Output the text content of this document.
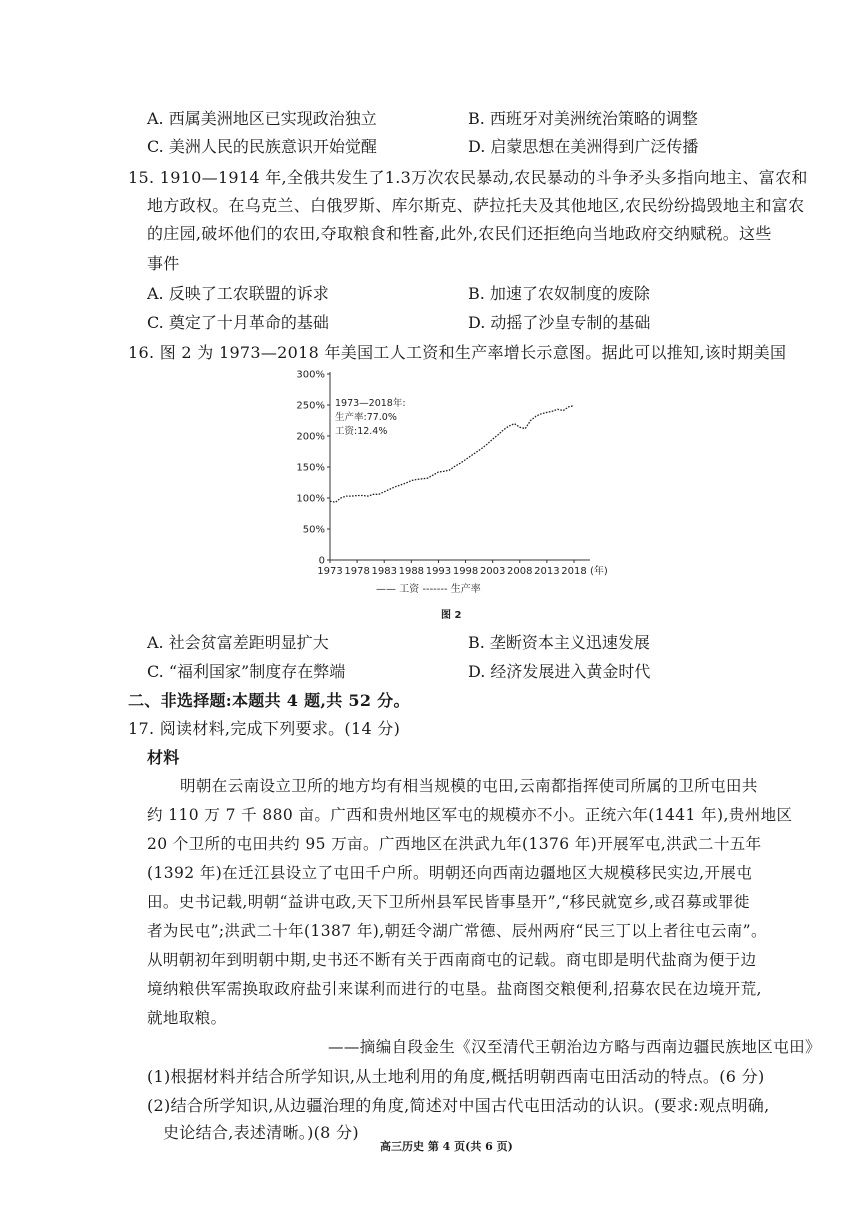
A. 西属美洲地区已实现政治独立	B. 西班牙对美洲统治策略的调整
C. 美洲人民的民族意识开始觉醒	D. 启蒙思想在美洲得到广泛传播
15. 1910—1914 年,全俄共发生了1.3万次农民暴动,农民暴动的斗争矛头多指向地主、富农和
地方政权。在乌克兰、白俄罗斯、库尔斯克、萨拉托夫及其他地区,农民纷纷捣毁地主和富农
的庄园,破坏他们的农田,夺取粮食和牲畜,此外,农民们还拒绝向当地政府交纳赋税。这些
事件
A. 反映了工农联盟的诉求	B. 加速了农奴制度的废除
C. 奠定了十月革命的基础	D. 动摇了沙皇专制的基础
16. 图 2 为 1973—2018 年美国工人工资和生产率增长示意图。据此可以推知,该时期美国
0
50%
100%
150%
200%
250%
300%
1973 1978 1983 1988 1993 1998 2003 2008 2013 2018 (年)
1973—2018年:
生产率:77.0%
工资:12.4%
—— 工资 ------- 生产率
图 2
A. 社会贫富差距明显扩大	B. 垄断资本主义迅速发展
C. “福利国家”制度存在弊端	D. 经济发展进入黄金时代
二、非选择题:本题共 4 题,共 52 分。
17. 阅读材料,完成下列要求。(14 分)
材料
明朝在云南设立卫所的地方均有相当规模的屯田,云南都指挥使司所属的卫所屯田共
约 110 万 7 千 880 亩。广西和贵州地区军屯的规模亦不小。正统六年(1441 年),贵州地区
20 个卫所的屯田共约 95 万亩。广西地区在洪武九年(1376 年)开展军屯,洪武二十五年
(1392 年)在迁江县设立了屯田千户所。明朝还向西南边疆地区大规模移民实边,开展屯
田。史书记载,明朝“益讲屯政,天下卫所州县军民皆事垦开”,“移民就宽乡,或召募或罪徙
者为民屯”;洪武二十年(1387 年),朝廷令湖广常德、辰州两府“民三丁以上者往屯云南”。
从明朝初年到明朝中期,史书还不断有关于西南商屯的记载。商屯即是明代盐商为便于边
境纳粮供军需换取政府盐引来谋利而进行的屯垦。盐商图交粮便利,招募农民在边境开荒,
就地取粮。
——摘编自段金生《汉至清代王朝治边方略与西南边疆民族地区屯田》
(1)根据材料并结合所学知识,从土地利用的角度,概括明朝西南屯田活动的特点。(6 分)
(2)结合所学知识,从边疆治理的角度,简述对中国古代屯田活动的认识。(要求:观点明确,
史论结合,表述清晰。)(8 分)
高三历史 第 4 页(共 6 页)
